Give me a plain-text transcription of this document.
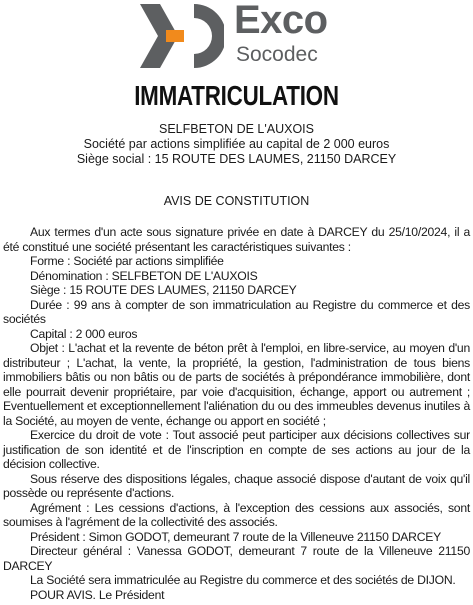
Exco
Socodec
IMMATRICULATION
SELFBETON DE L'AUXOIS
Société par actions simplifiée au capital de 2 000 euros
Siège social : 15 ROUTE DES LAUMES, 21150 DARCEY
AVIS DE CONSTITUTION

Aux termes d'un acte sous signature privée en date à DARCEY du 25/10/2024, il a été constitué une société présentant les caractéristiques suivantes :

Forme : Société par actions simplifiée

Dénomination : SELFBETON DE L'AUXOIS

Siège : 15 ROUTE DES LAUMES, 21150 DARCEY

Durée : 99 ans à compter de son immatriculation au Registre du commerce et des sociétés

Capital : 2 000 euros

Objet : L'achat et la revente de béton prêt à l'emploi, en libre-service, au moyen d'un distributeur ; L'achat, la vente, la propriété, la gestion, l'administration de tous biens immobiliers bâtis ou non bâtis ou de parts de sociétés à prépondérance immobilière, dont elle pourrait devenir propriétaire, par voie d'acquisition, échange, apport ou autrement ; Eventuellement et exceptionnellement l'aliénation du ou des immeubles devenus inutiles à la Société, au moyen de vente, échange ou apport en société ;

Exercice du droit de vote : Tout associé peut participer aux décisions collectives sur justification de son identité et de l'inscription en compte de ses actions au jour de la décision collective.

Sous réserve des dispositions légales, chaque associé dispose d'autant de voix qu'il possède ou représente d'actions.

Agrément : Les cessions d'actions, à l'exception des cessions aux associés, sont soumises à l'agrément de la collectivité des associés.

Président : Simon GODOT, demeurant 7 route de la Villeneuve 21150 DARCEY

Directeur général : Vanessa GODOT, demeurant 7 route de la Villeneuve 21150 DARCEY

La Société sera immatriculée au Registre du commerce et des sociétés de DIJON.

POUR AVIS. Le Président
